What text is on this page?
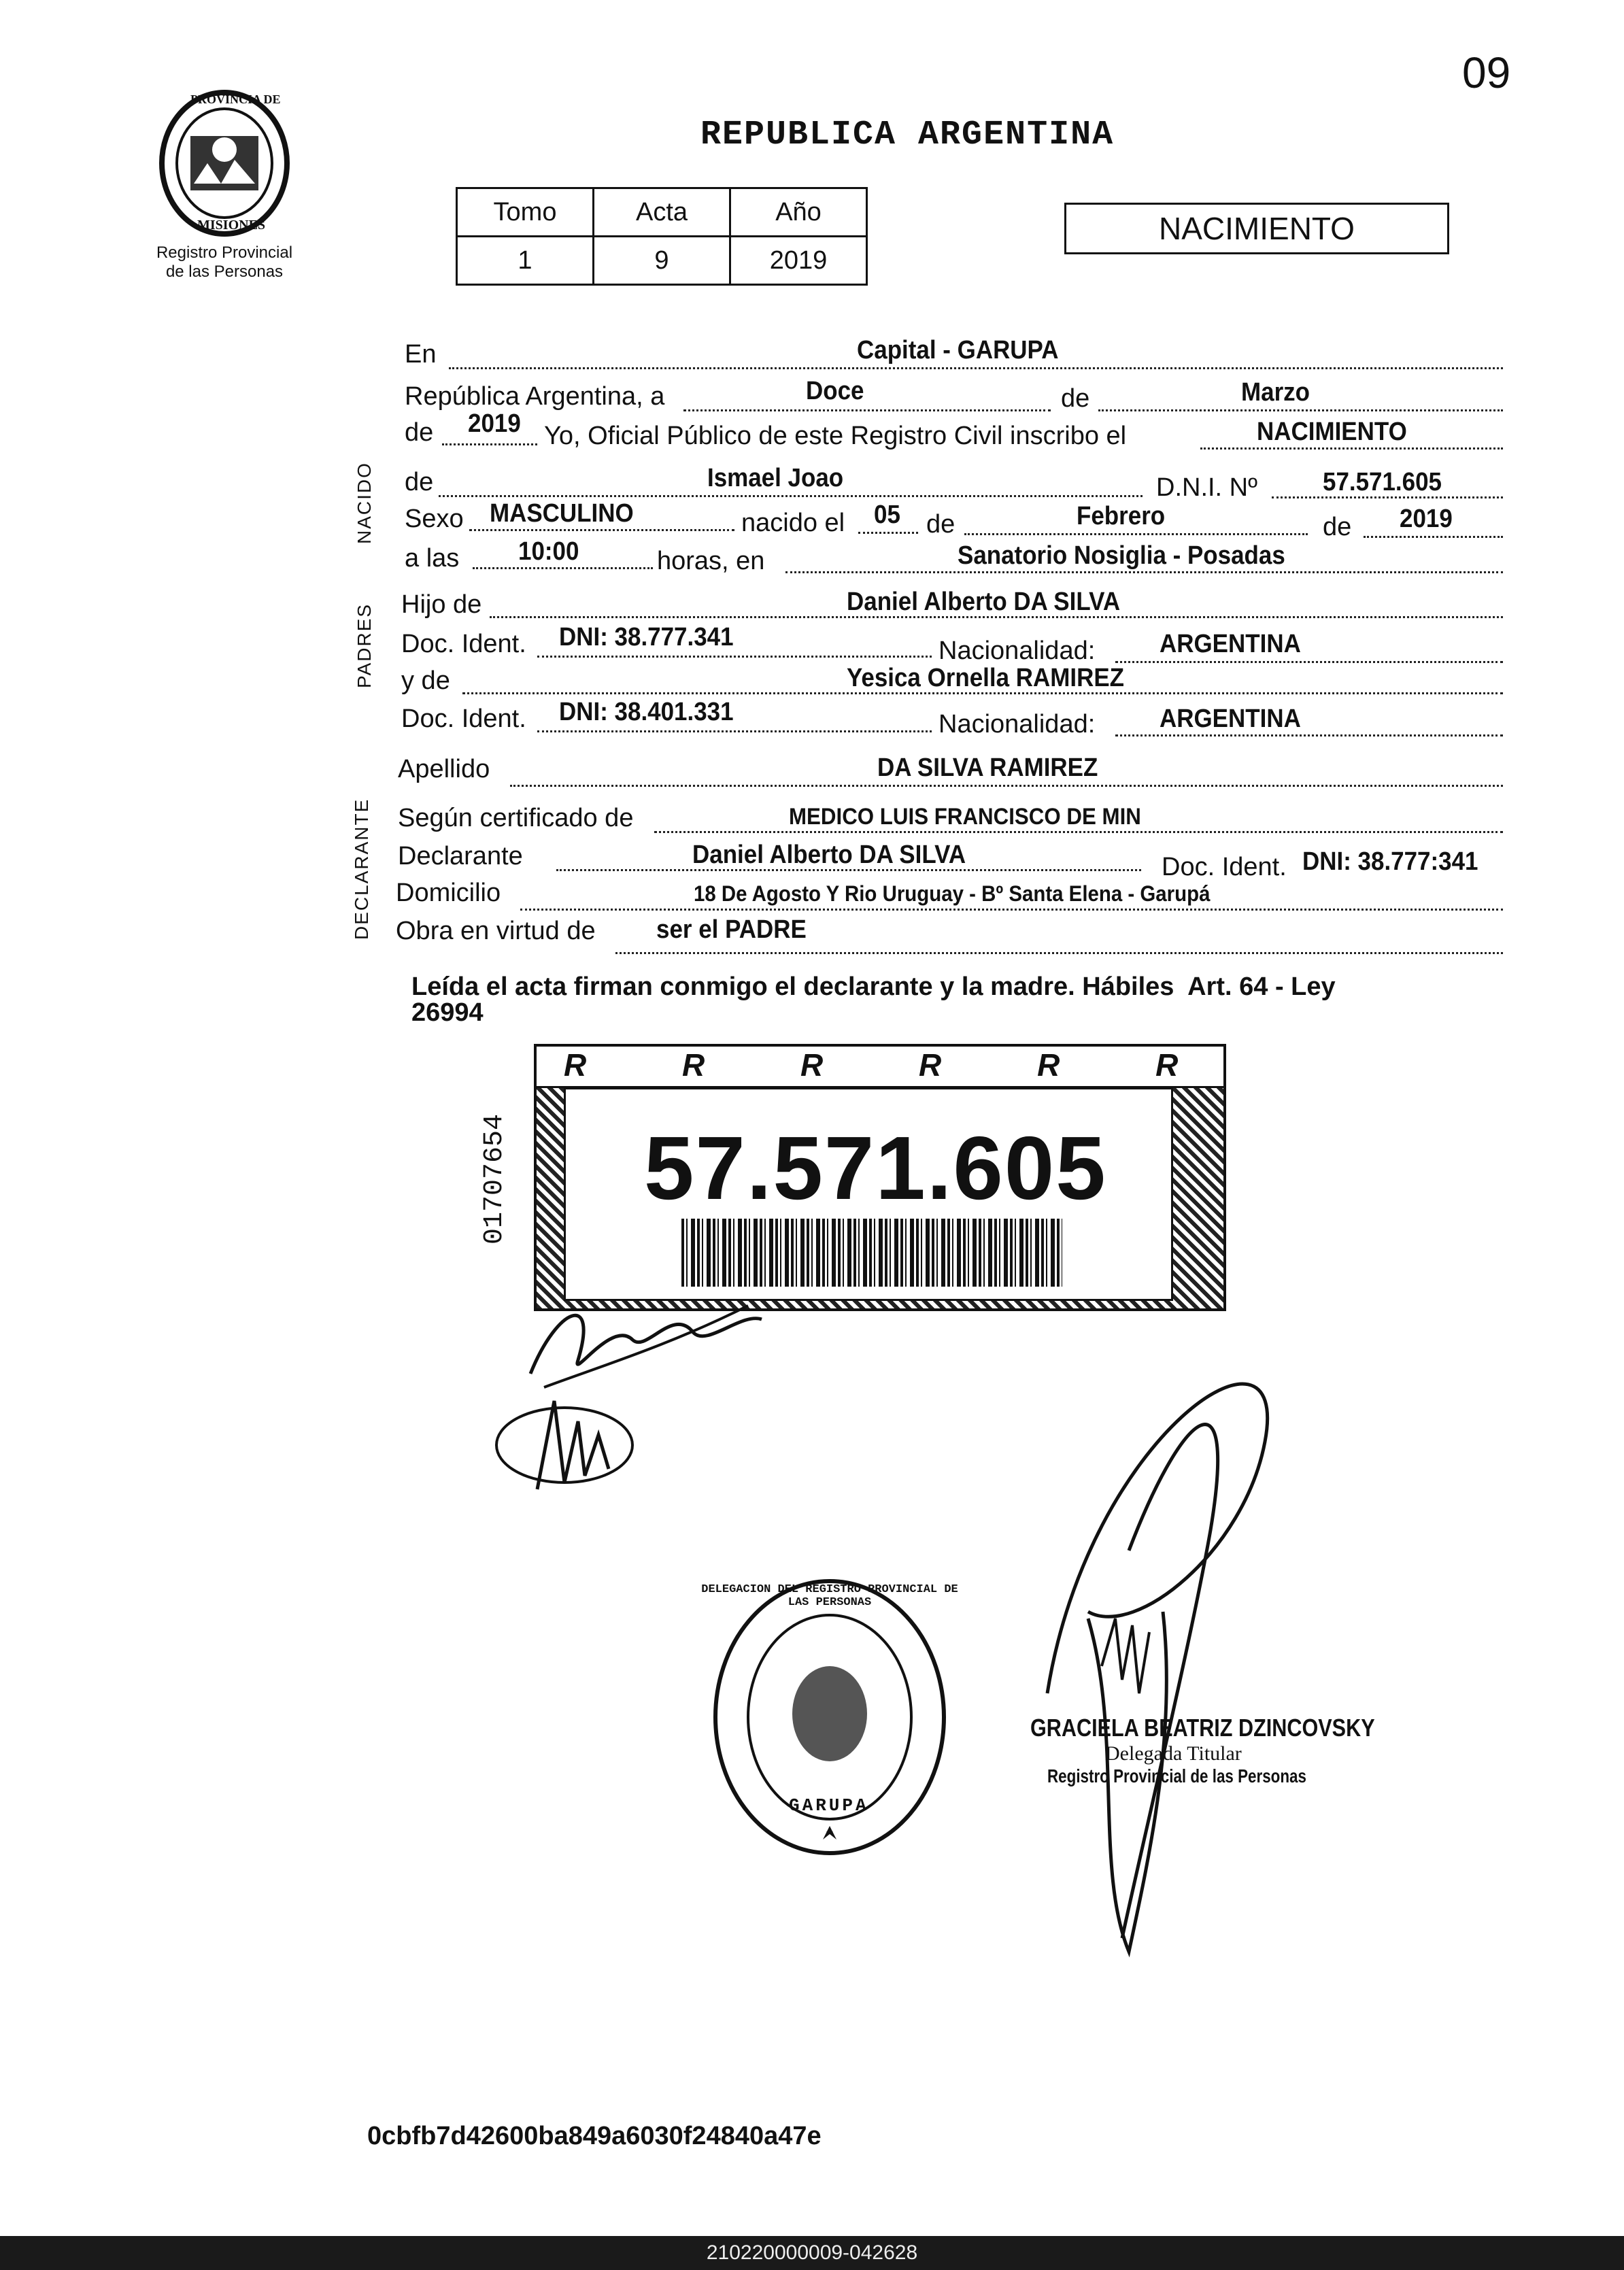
09
PROVINCIA DE
MISIONES
Registro Provincial
de las Personas
REPUBLICA ARGENTINA
Tomo	Acta	Año
1	9	2019
NACIMIENTO
En	Capital - GARUPA
República Argentina, a	Doce	de	Marzo
de 2019 Yo, Oficial Público de este Registro Civil inscribo el	NACIMIENTO
NACIDO de	Ismael Joao	D.N.I. Nº	57.571.605
Sexo MASCULINO	nacido el 05 de	Febrero	de 2019
a las 10:00	horas, en	Sanatorio Nosiglia - Posadas
PADRES Hijo de	Daniel Alberto DA SILVA
Doc. Ident. DNI: 38.777.341	Nacionalidad: ARGENTINA
y de	Yesica Ornella RAMIREZ
Doc. Ident. DNI: 38.401.331	Nacionalidad: ARGENTINA
Apellido	DA SILVA RAMIREZ
DECLARANTE Según certificado de	MEDICO LUIS FRANCISCO DE MIN
Declarante	Daniel Alberto DA SILVA	Doc. Ident. DNI: 38.777:341
Domicilio	18 De Agosto Y Rio Uruguay - Bº Santa Elena - Garupá
Obra en virtud de ser el PADRE
Leída el acta firman conmigo el declarante y la madre. Hábiles  Art. 64 - Ley
26994
R	R	R	R	R	R
57.571.605
01707654
DELEGACION DEL REGISTRO PROVINCIAL DE LAS PERSONAS
GARUPA
GRACIELA BEATRIZ DZINCOVSKY
Delegada Titular
Registro Provincial de las Personas
0cbfb7d42600ba849a6030f24840a47e
210220000009-042628
